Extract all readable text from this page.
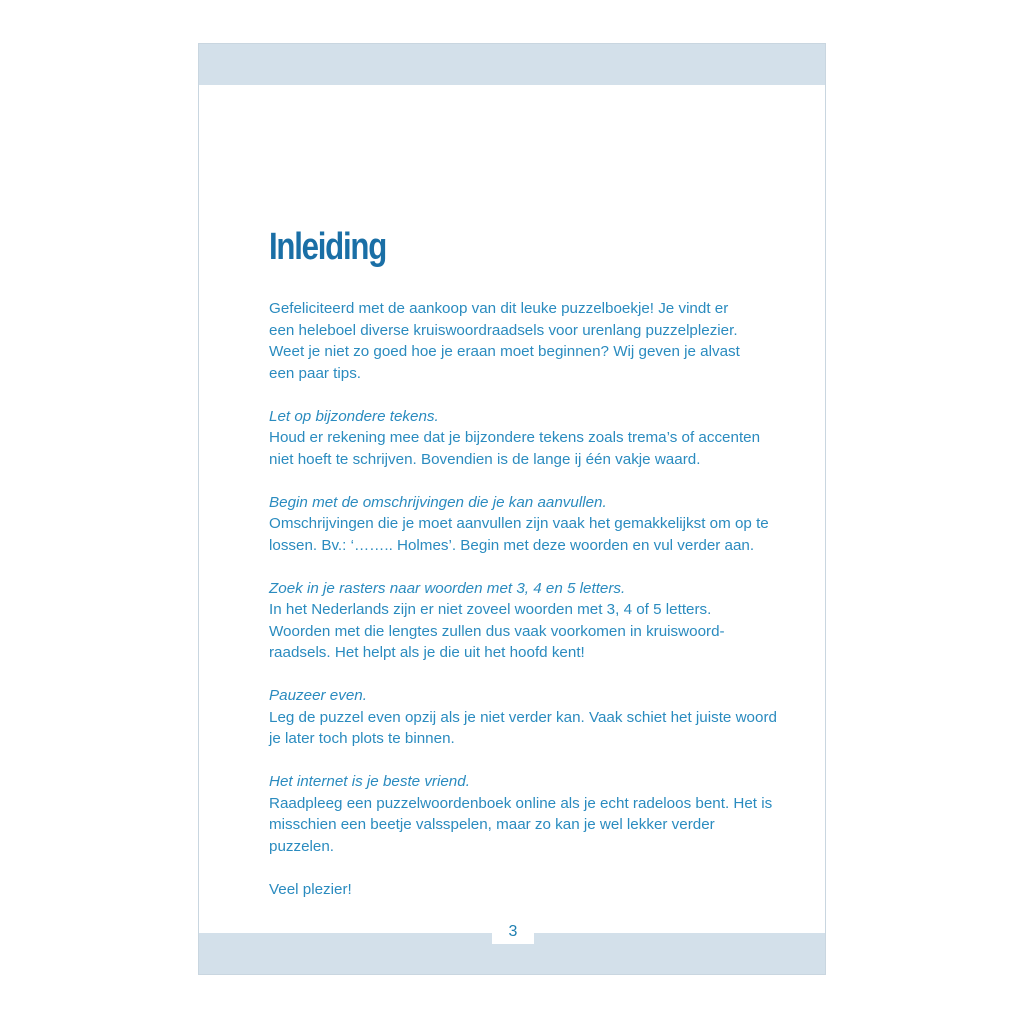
Inleiding

Gefeliciteerd met de aankoop van dit leuke puzzelboekje! Je vindt er
een heleboel diverse kruiswoordraadsels voor urenlang puzzelplezier.
Weet je niet zo goed hoe je eraan moet beginnen? Wij geven je alvast
een paar tips.

Let op bijzondere tekens.

Houd er rekening mee dat je bijzondere tekens zoals trema’s of accenten
niet hoeft te schrijven. Bovendien is de lange ij één vakje waard.

Begin met de omschrijvingen die je kan aanvullen.

Omschrijvingen die je moet aanvullen zijn vaak het gemakkelijkst om op te
lossen. Bv.: ‘…….. Holmes’. Begin met deze woorden en vul verder aan.

Zoek in je rasters naar woorden met 3, 4 en 5 letters.

In het Nederlands zijn er niet zoveel woorden met 3, 4 of 5 letters.
Woorden met die lengtes zullen dus vaak voorkomen in kruiswoord-
raadsels. Het helpt als je die uit het hoofd kent!

Pauzeer even.

Leg de puzzel even opzij als je niet verder kan. Vaak schiet het juiste woord
je later toch plots te binnen.

Het internet is je beste vriend.

Raadpleeg een puzzelwoordenboek online als je echt radeloos bent. Het is
misschien een beetje valsspelen, maar zo kan je wel lekker verder puzzelen.

Veel plezier!

3
